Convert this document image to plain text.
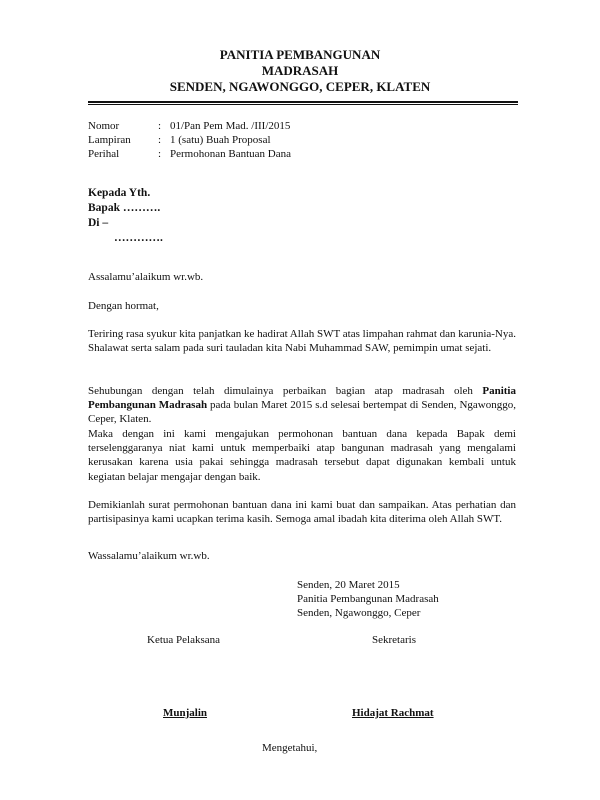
PANITIA PEMBANGUNAN
MADRASAH
SENDEN, NGAWONGGO, CEPER, KLATEN
Nomor	: 01/Pan Pem Mad. /III/2015
Lampiran	: 1 (satu) Buah Proposal
Perihal	: Permohonan Bantuan Dana
Kepada Yth.
Bapak ……….
Di –
………….
Assalamu’alaikum wr.wb.
Dengan hormat,
Teriring rasa syukur kita panjatkan ke hadirat Allah SWT atas limpahan rahmat dan karunia-Nya. Shalawat serta salam pada suri tauladan kita Nabi Muhammad SAW, pemimpin umat sejati.
Sehubungan dengan telah dimulainya perbaikan bagian atap madrasah oleh Panitia Pembangunan Madrasah pada bulan Maret 2015 s.d selesai bertempat di Senden, Ngawonggo, Ceper, Klaten.
Maka dengan ini kami mengajukan permohonan bantuan dana kepada Bapak demi terselenggaranya niat kami untuk memperbaiki atap bangunan madrasah yang mengalami kerusakan karena usia pakai sehingga madrasah tersebut dapat digunakan kembali untuk kegiatan belajar mengajar dengan baik.
Demikianlah surat permohonan bantuan dana ini kami buat dan sampaikan. Atas perhatian dan partisipasinya kami ucapkan terima kasih. Semoga amal ibadah kita diterima oleh Allah SWT.
Wassalamu’alaikum wr.wb.
Senden, 20 Maret 2015
Panitia Pembangunan Madrasah
Senden, Ngawonggo, Ceper
Ketua Pelaksana	Sekretaris
Munjalin	Hidajat Rachmat
Mengetahui,
